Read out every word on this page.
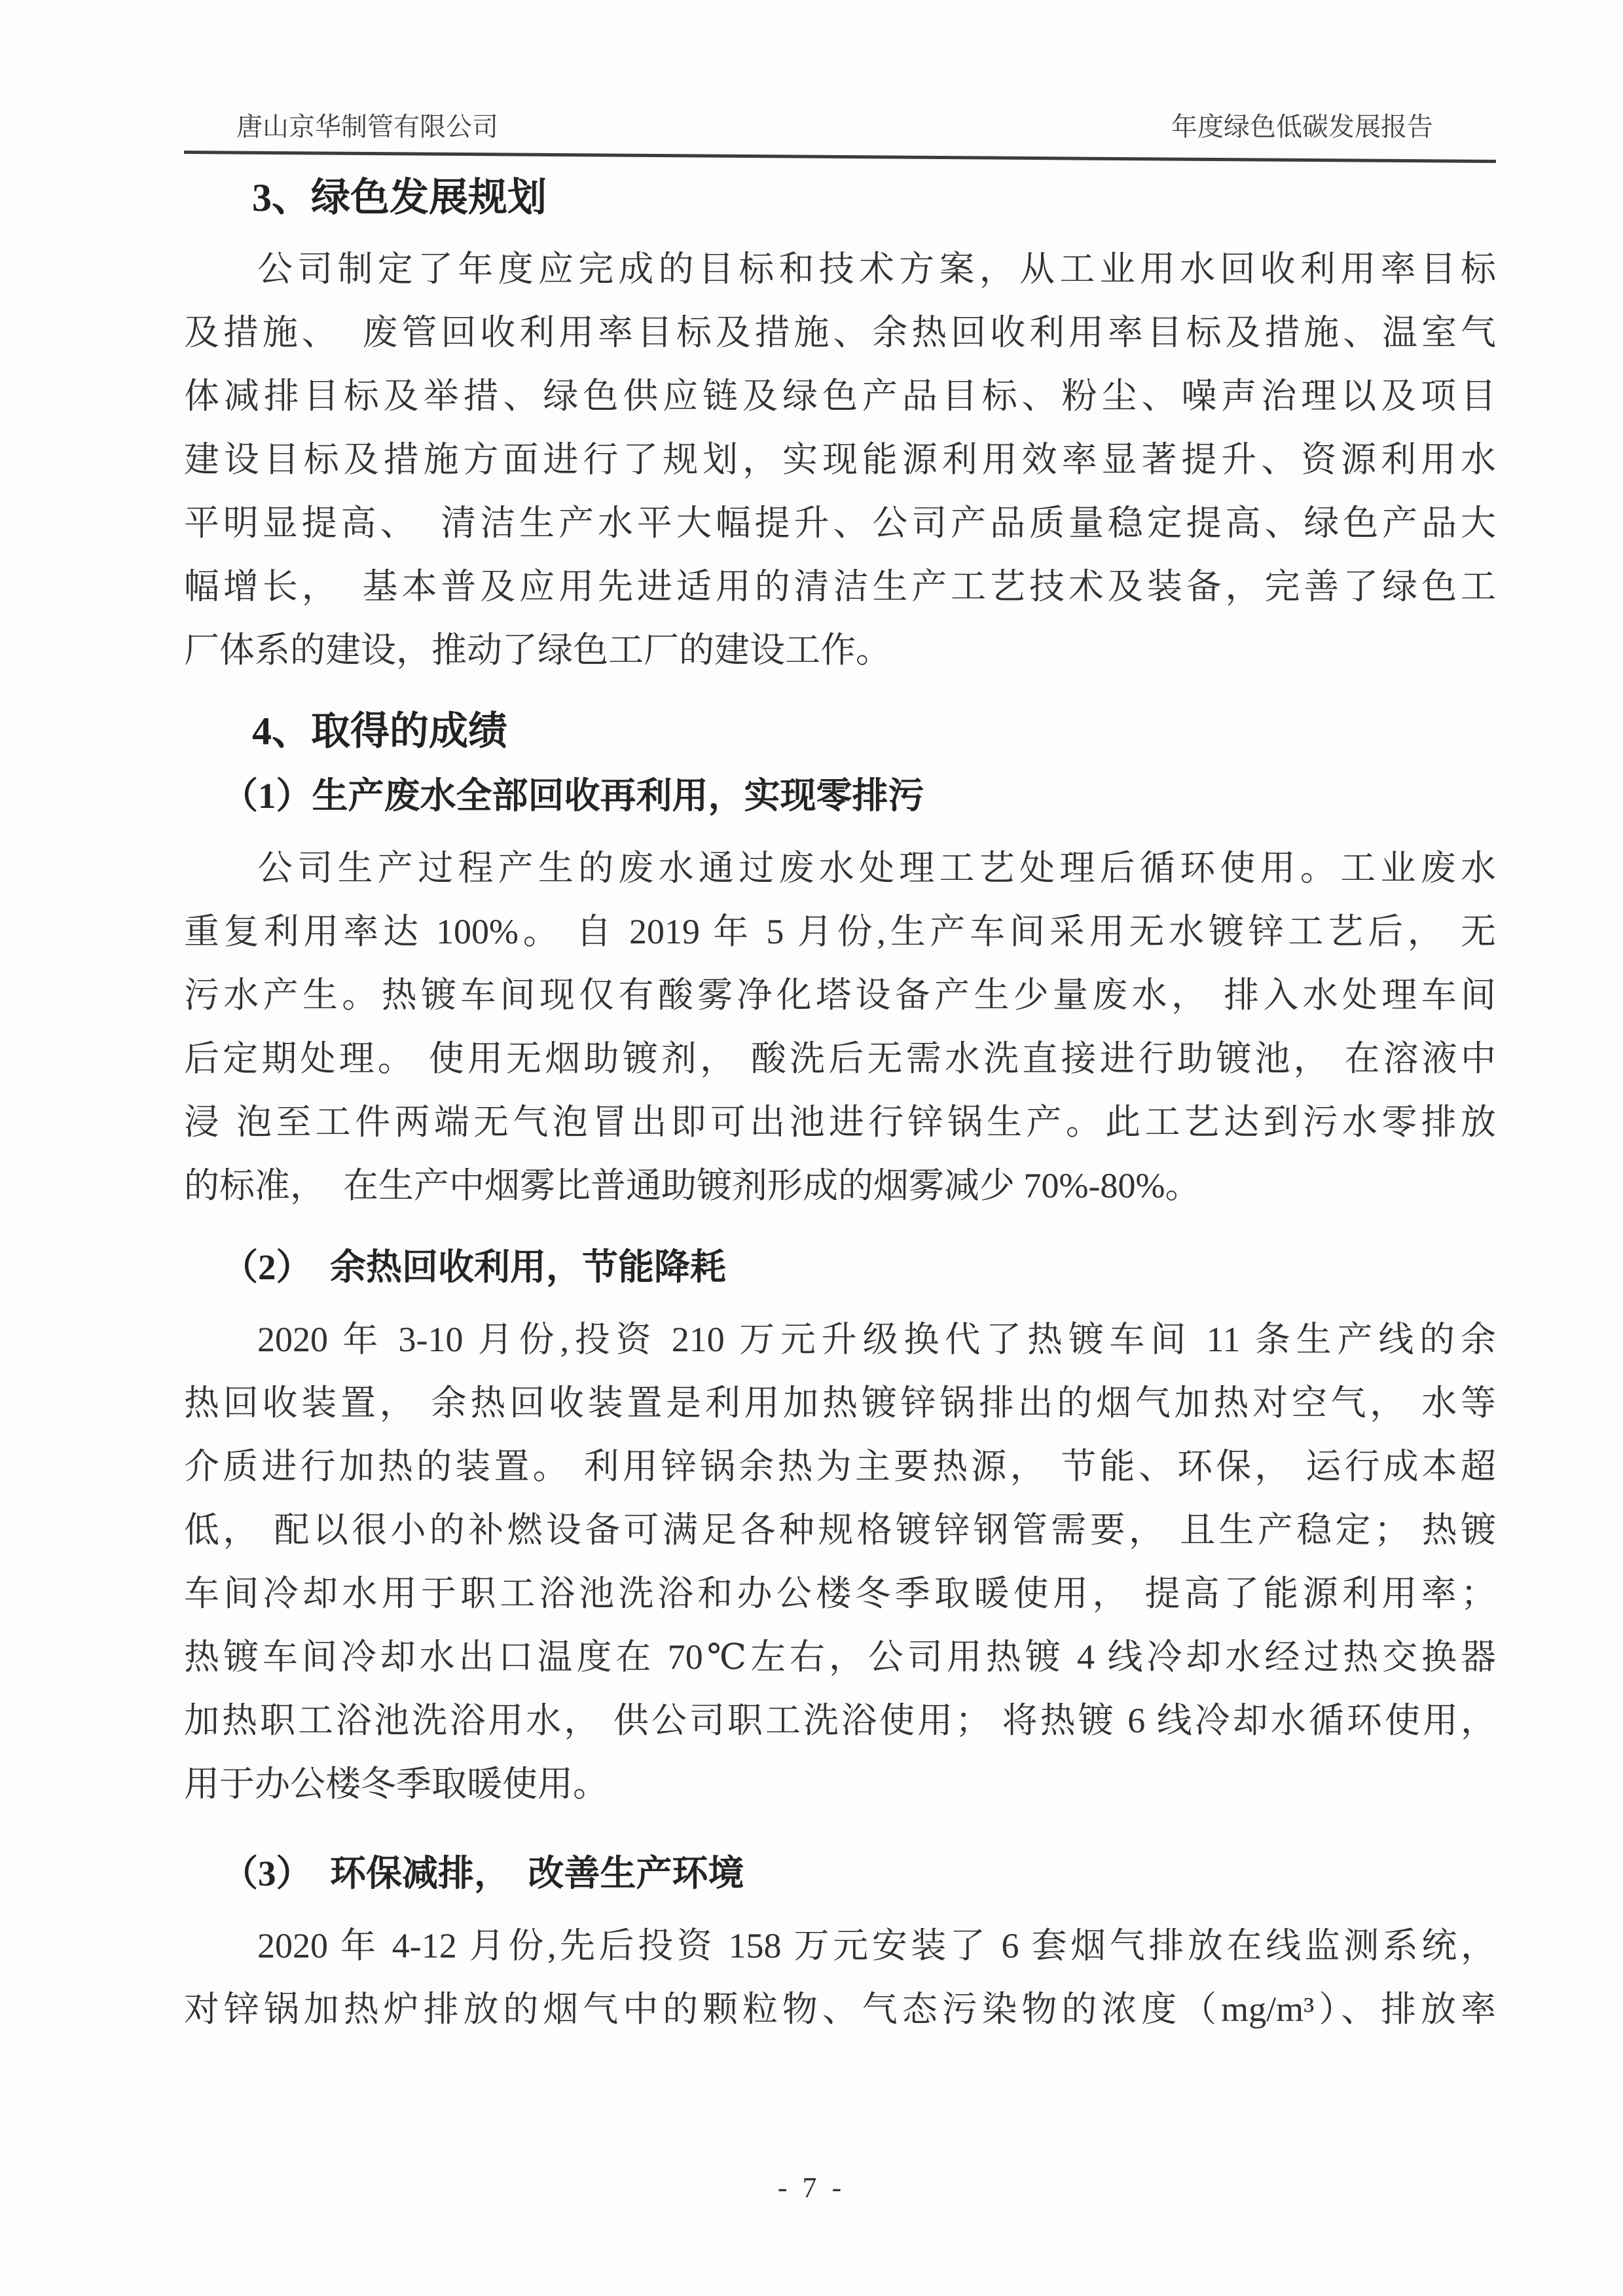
唐山京华制管有限公司	年度绿色低碳发展报告
3、绿色发展规划
公司制定了年度应完成的目标和技术方案，从工业用水回收利用率目标
及措施、　废管回收利用率目标及措施、余热回收利用率目标及措施、温室气
体减排目标及举措、绿色供应链及绿色产品目标、粉尘、噪声治理以及项目
建设目标及措施方面进行了规划，实现能源利用效率显著提升、资源利用水
平明显提高、　清洁生产水平大幅提升、公司产品质量稳定提高、绿色产品大
幅增长，　基本普及应用先进适用的清洁生产工艺技术及装备，完善了绿色工
厂体系的建设，推动了绿色工厂的建设工作。
4、取得的成绩
（1）生产废水全部回收再利用，实现零排污
公司生产过程产生的废水通过废水处理工艺处理后循环使用。工业废水
重复利用率达 100%。 自 2019 年 5 月份,生产车间采用无水镀锌工艺后， 无
污水产生。热镀车间现仅有酸雾净化塔设备产生少量废水， 排入水处理车间
后定期处理。 使用无烟助镀剂， 酸洗后无需水洗直接进行助镀池， 在溶液中
浸 泡至工件两端无气泡冒出即可出池进行锌锅生产。此工艺达到污水零排放
的标准，　在生产中烟雾比普通助镀剂形成的烟雾减少 70%-80%。
（2）　余热回收利用，节能降耗
2020 年 3-10 月份,投资 210 万元升级换代了热镀车间 11 条生产线的余
热回收装置， 余热回收装置是利用加热镀锌锅排出的烟气加热对空气， 水等
介质进行加热的装置。 利用锌锅余热为主要热源， 节能、环保， 运行成本超
低， 配以很小的补燃设备可满足各种规格镀锌钢管需要， 且生产稳定； 热镀
车间冷却水用于职工浴池洗浴和办公楼冬季取暖使用， 提高了能源利用率；
热镀车间冷却水出口温度在 70℃左右，公司用热镀 4 线冷却水经过热交换器
加热职工浴池洗浴用水， 供公司职工洗浴使用； 将热镀 6 线冷却水循环使用，
用于办公楼冬季取暖使用。
（3）　环保减排，　改善生产环境
2020 年 4-12 月份,先后投资 158 万元安装了 6 套烟气排放在线监测系统，
对锌锅加热炉排放的烟气中的颗粒物、气态污染物的浓度（mg/m³）、排放率
- 7 -
